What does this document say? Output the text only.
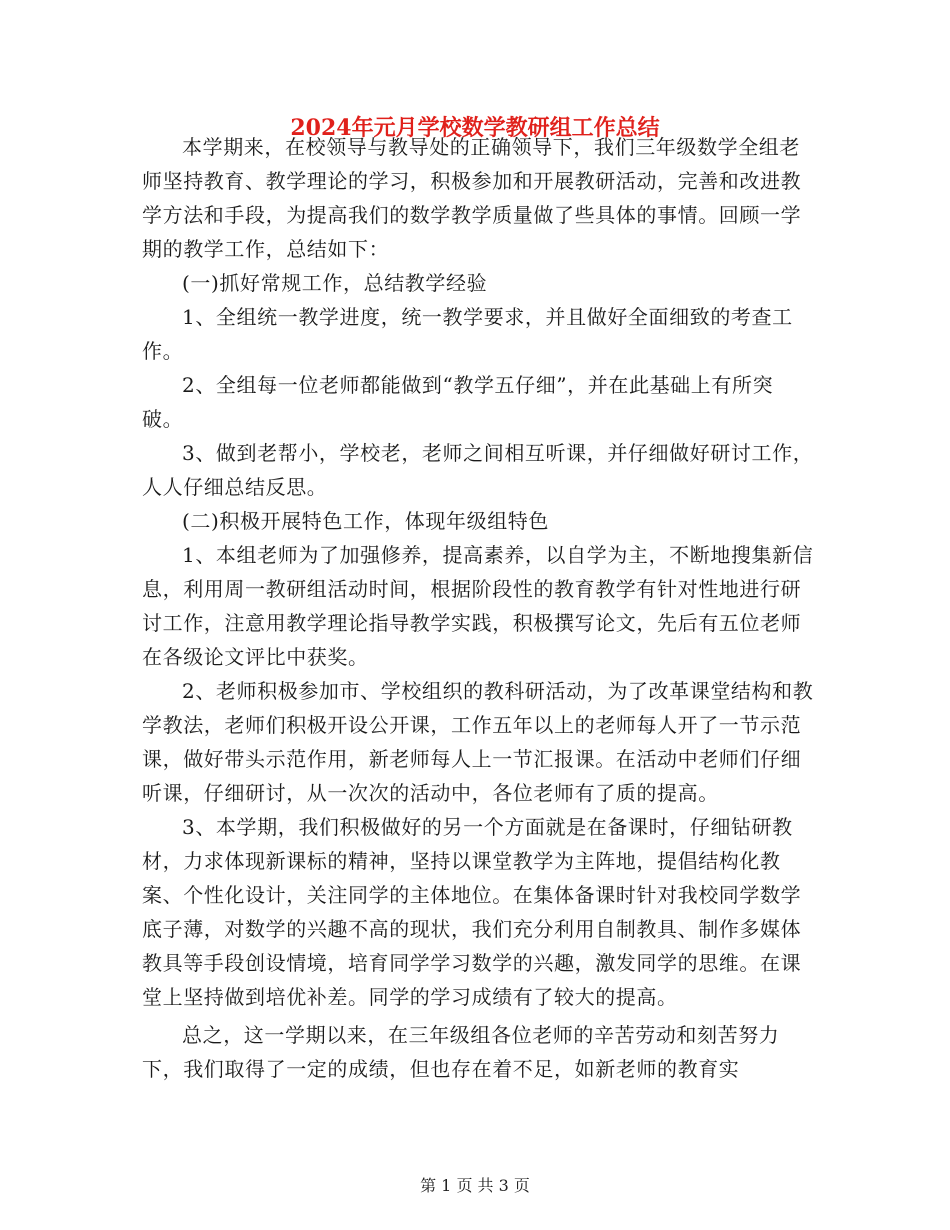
2024年元月学校数学教研组工作总结

本学期来，在校领导与教导处的正确领导下，我们三年级数学全组老师坚持教育、教学理论的学习，积极参加和开展教研活动，完善和改进教学方法和手段，为提高我们的数学教学质量做了些具体的事情。回顾一学期的教学工作，总结如下：

(一)抓好常规工作，总结教学经验

1、全组统一教学进度，统一教学要求，并且做好全面细致的考查工作。

2、全组每一位老师都能做到“教学五仔细”，并在此基础上有所突破。

3、做到老帮小，学校老，老师之间相互听课，并仔细做好研讨工作，人人仔细总结反思。

(二)积极开展特色工作，体现年级组特色

1、本组老师为了加强修养，提高素养，以自学为主，不断地搜集新信息，利用周一教研组活动时间，根据阶段性的教育教学有针对性地进行研讨工作，注意用教学理论指导教学实践，积极撰写论文，先后有五位老师在各级论文评比中获奖。

2、老师积极参加市、学校组织的教科研活动，为了改革课堂结构和教学教法，老师们积极开设公开课，工作五年以上的老师每人开了一节示范课，做好带头示范作用，新老师每人上一节汇报课。在活动中老师们仔细听课，仔细研讨，从一次次的活动中，各位老师有了质的提高。

3、本学期，我们积极做好的另一个方面就是在备课时，仔细钻研教材，力求体现新课标的精神，坚持以课堂教学为主阵地，提倡结构化教案、个性化设计，关注同学的主体地位。在集体备课时针对我校同学数学底子薄，对数学的兴趣不高的现状，我们充分利用自制教具、制作多媒体教具等手段创设情境，培育同学学习数学的兴趣，激发同学的思维。在课堂上坚持做到培优补差。同学的学习成绩有了较大的提高。

总之，这一学期以来，在三年级组各位老师的辛苦劳动和刻苦努力下，我们取得了一定的成绩，但也存在着不足，如新老师的教育实

第 1 页 共 3 页
